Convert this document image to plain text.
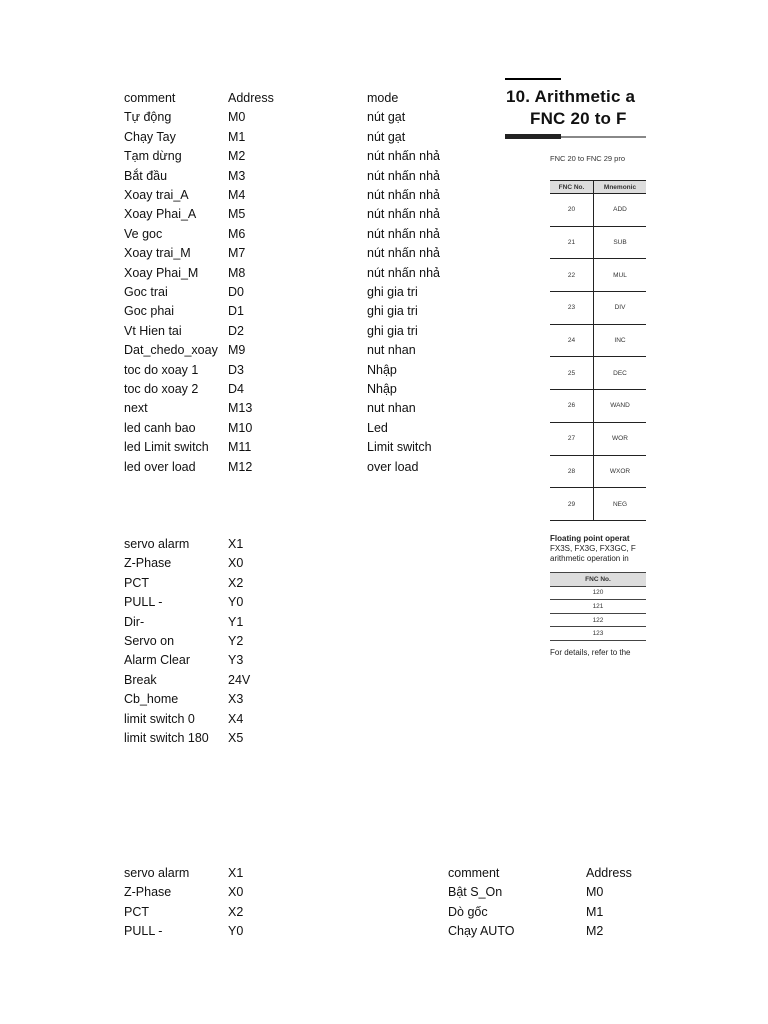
comment	Address	mode
Tự động	M0	nút gạt
Chạy Tay	M1	nút gạt
Tạm dừng	M2	nút nhấn nhả
Bắt đầu	M3	nút nhấn nhả
Xoay trai_A	M4	nút nhấn nhả
Xoay Phai_A	M5	nút nhấn nhả
Ve goc	M6	nút nhấn nhả
Xoay trai_M	M7	nút nhấn nhả
Xoay Phai_M M8	nút nhấn nhả
Goc trai	D0	ghi gia tri
Goc phai	D1	ghi gia tri
Vt Hien tai	D2	ghi gia tri
Dat_chedo_xoay M9	nut nhan
toc do xoay 1 D3	Nhập
toc do xoay 2 D4	Nhập
next	M13	nut nhan
led canh bao	M10	Led
led Limit switch M11	Limit switch
led over load	M12	over load
servo alarm	X1
Z-Phase	X0
PCT	X2
PULL -	Y0
Dir-	Y1
Servo on	Y2
Alarm Clear	Y3
Break	24V
Cb_home	X3
limit switch 0	X4
limit switch 180 X5
servo alarm	X1
Z-Phase	X0
PCT	X2
PULL -	Y0
comment	Address
Bật S_On	M0
Dò gốc	M1
Chạy AUTO	M2
10. Arithmetic a
FNC 20 to F
FNC 20 to FNC 29 pro
FNC No.	Mnemonic
20	ADD
21	SUB
22	MUL
23	DIV
24	INC
25	DEC
26	WAND
27	WOR
28	WXOR
29	NEG
Floating point operat
FX3S, FX3G, FX3GC, F
arithmetic operation in
FNC No.
120
121
122
123
For details, refer to the
